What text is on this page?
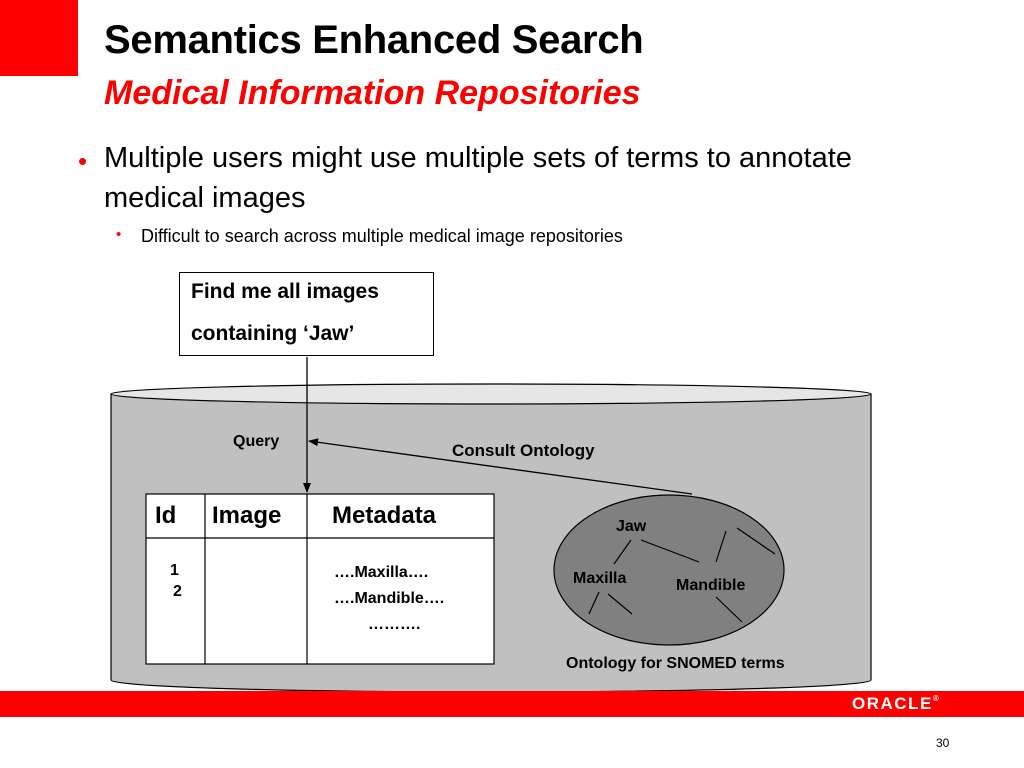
Semantics Enhanced Search
Medical Information Repositories
• Multiple users might use multiple sets of terms to annotate medical images
• Difficult to search across multiple medical image repositories
Find me all images
containing ‘Jaw’
Query	Consult Ontology
Id Image Metadata
1
2
….Maxilla….
….Mandible….
……….
Jaw
Maxilla	Mandible
Ontology for SNOMED terms
ORACLE®
30
